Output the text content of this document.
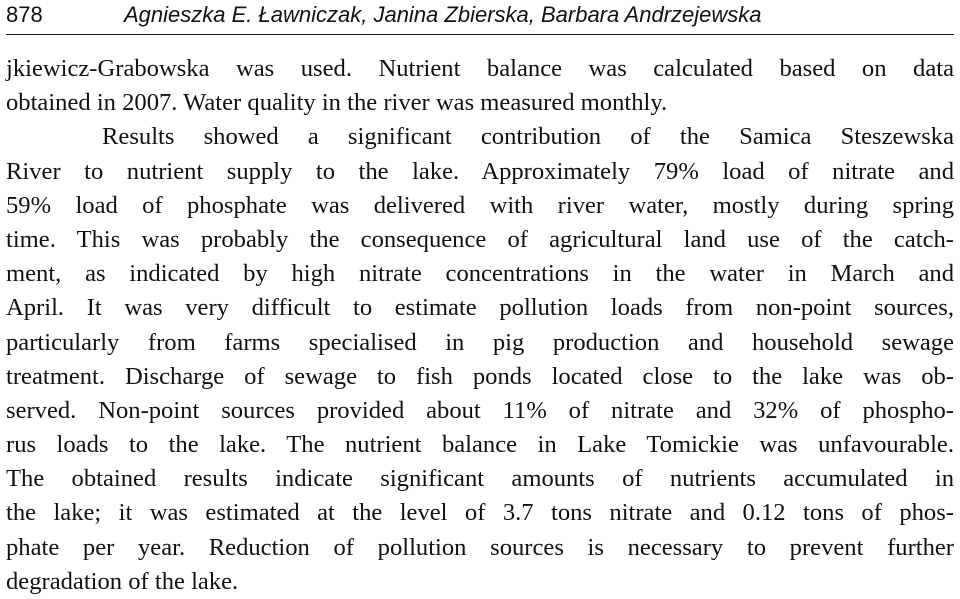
878	Agnieszka E. Ławniczak, Janina Zbierska, Barbara Andrzejewska
jkiewicz-Grabowska was used. Nutrient balance was calculated based on data
obtained in 2007. Water quality in the river was measured monthly.
Results showed a significant contribution of the Samica Steszewska
River to nutrient supply to the lake. Approximately 79% load of nitrate and
59% load of phosphate was delivered with river water, mostly during spring
time. This was probably the consequence of agricultural land use of the catch-
ment, as indicated by high nitrate concentrations in the water in March and
April. It was very difficult to estimate pollution loads from non-point sources,
particularly from farms specialised in pig production and household sewage
treatment. Discharge of sewage to fish ponds located close to the lake was ob-
served. Non-point sources provided about 11% of nitrate and 32% of phospho-
rus loads to the lake. The nutrient balance in Lake Tomickie was unfavourable.
The obtained results indicate significant amounts of nutrients accumulated in
the lake; it was estimated at the level of 3.7 tons nitrate and 0.12 tons of phos-
phate per year. Reduction of pollution sources is necessary to prevent further
degradation of the lake.
